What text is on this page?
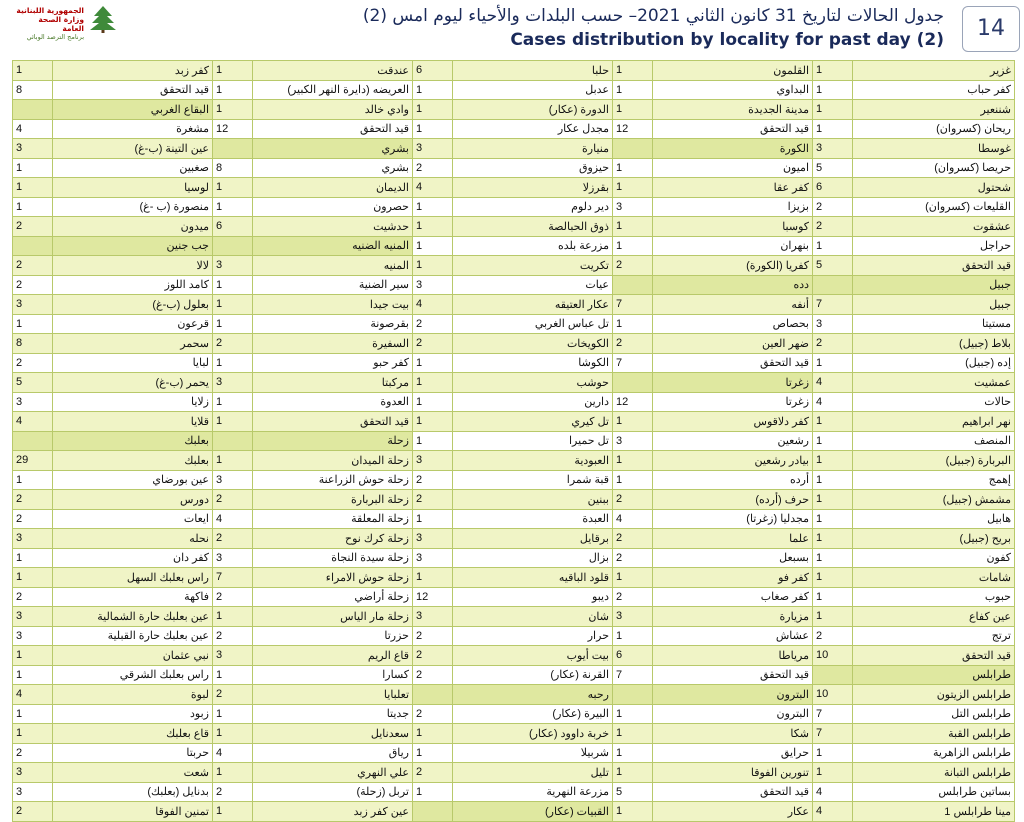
الجمهورية اللبنانية
وزارة الصحة العامة
برنامج الترصد الوبائي
جدول الحالات لتاريخ 31 كانون الثاني 2021– حسب البلدات والأحياء ليوم امس (2)
Cases distribution by locality for past day (2)	14
1	كفر زبد	1	عندقت	6	حلبا	1	القلمون	1	غزير
8	قيد التحقق	1	العريضه (دايرة النهر الكبير)	1	عدبل	1	البداوي	1	كفر حباب
	البقاع الغربي	1	وادي خالد	1	الدورة (عكار)	1	مدينة الجديدة	1	شننعير
4	مشغرة	12	قيد التحقق	1	مجدل عكار	12	قيد التحقق	1	ريحان (كسروان)
3	عين التينة (ب-غ)		بشري	3	منيارة		الكورة	3	غوسطا
1	صغبين	8	بشري	2	حيزوق	1	اميون	5	حريصا (كسروان)
1	لوسيا	1	الديمان	4	بقرزلا	1	كفر عقا	6	شحتول
1	منصورة (ب -غ)	1	حصرون	1	دير دلوم	3	بزيزا	2	القليعات (كسروان)
2	ميدون	6	حدشيت	1	ذوق الحبالصة	1	كوسبا	2	عشقوت
	جب جنين		المنيه الضنيه	1	مزرعة بلده	1	بنهران	1	حراجل
2	لالا	3	المنيه	1	تكريت	2	كفريا (الكورة)	5	قيد التحقق
2	كامد اللوز	1	سير الضنية	3	عيات		دده		جبيل
3	بعلول (ب-غ)	1	بيت جيدا	4	عكار العتيقه	7	أنفه	7	جبيل
1	قرعون	1	بقرصونة	2	تل عباس الغربي	1	بحصاص	3	مستيتا
8	سحمر	2	السفيرة	2	الكويخات	2	ضهر العين	2	بلاط (جبيل)
2	لبايا	1	كفر حبو	1	الكوشا	7	قيد التحقق	1	إده (جبيل)
5	يحمر (ب-غ)	3	مركبتا	1	حوشب		زغرتا	4	عمشيت
3	زلايا	1	العدوة	1	دارين	12	زغرتا	4	حالات
4	قلايا	1	قيد التحقق	1	تل كيري	1	كفر دلاقوس	1	نهر ابراهيم
	بعلبك		زحلة	1	تل حميرا	3	رشعين	1	المنصف
29	بعلبك	1	زحلة الميدان	3	العبودية	1	بيادر رشعين	1	البربارة (جبيل)
1	عين بورضاي	3	زحلة حوش الزراعنة	2	قبة شمرا	1	أرده	1	إهمج
2	دورس	2	زحلة البربارة	2	ببنين	2	حرف (أرده)	1	مشمش (جبيل)
2	ايعات	4	زحلة المعلقة	1	العبدة	4	مجدليا (زغرتا)	1	هابيل
3	نحله	2	زحلة كرك نوح	3	برقايل	2	علما	1	بريح (جبيل)
1	كفر دان	3	زحلة سيدة النجاة	3	بزال	2	بسبعل	1	كفون
1	راس بعلبك السهل	7	زحلة حوش الامراء	1	قلود الباقيه	1	كفر فو	1	شامات
2	فاكهة	2	زحلة أراضي	12	ديبو	2	كفر صغاب	1	حبوب
3	عين بعلبك حارة الشمالية	1	زحلة مار الياس	3	شان	3	مزيارة	1	عين كفاع
3	عين بعلبك حارة القبلية	2	حزرتا	2	حرار	1	عشاش	2	ترتج
1	نبي عثمان	3	قاع الريم	2	بيت أيوب	6	مرياطا	10	قيد التحقق
1	راس بعلبك الشرقي	1	كسارا	2	القرنة (عكار)	7	قيد التحقق		طرابلس
4	لبوة	2	تعلبايا		رحبه		البترون	10	طرابلس الزيتون
1	زبود	1	جديتا	2	البيرة (عكار)	1	البترون	7	طرابلس التل
1	قاع بعلبك	1	سعدنايل	1	خربة داوود (عكار)	1	شكا	7	طرابلس القبة
2	حربتا	4	رياق	1	شربيلا	1	حرايق	1	طرابلس الزاهرية
3	شعت	1	علي النهري	2	تليل	1	تنورين الفوقا	1	طرابلس التبانة
3	بدنايل (بعلبك)	2	تربل (زحلة)	1	مزرعة النهرية	5	قيد التحقق	4	بساتين طرابلس
2	تمنين الفوقا	1	عين كفر زبد		القبيات (عكار)	1	عكار	4	مينا طرابلس 1
